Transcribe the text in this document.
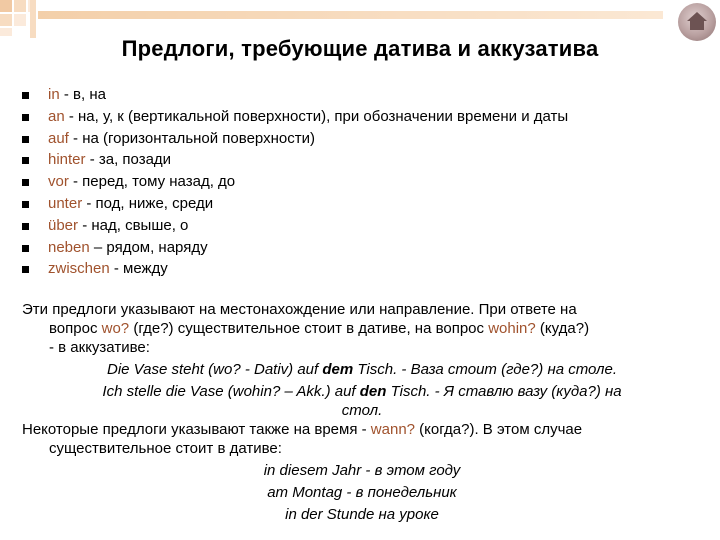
Предлоги, требующие датива и аккузатива
in - в, на
an - на, у, к (вертикальной поверхности), при обозначении времени и даты
auf - на (горизонтальной поверхности)
hinter - за, позади
vor - перед, тому назад, до
unter - под, ниже, среди
über - над, свыше, о
neben – рядом, наряду
zwischen - между
Эти предлоги указывают на местонахождение или направление. При ответе на
вопрос wo? (где?) существительное стоит в дативе, на вопрос wohin? (куда?)
- в аккузативе:
Die Vase steht (wo? - Dativ) auf dem Tisch. - Ваза стоит (где?) на столе.
Ich stelle die Vase (wohin? – Akk.) auf den Tisch. - Я ставлю вазу (куда?) на
стол.
Некоторые предлоги указывают также на время - wann? (когда?). В этом случае
существительное стоит в дативе:
in diesem Jahr - в этом году
am Montag - в понедельник
in der Stunde на уроке
